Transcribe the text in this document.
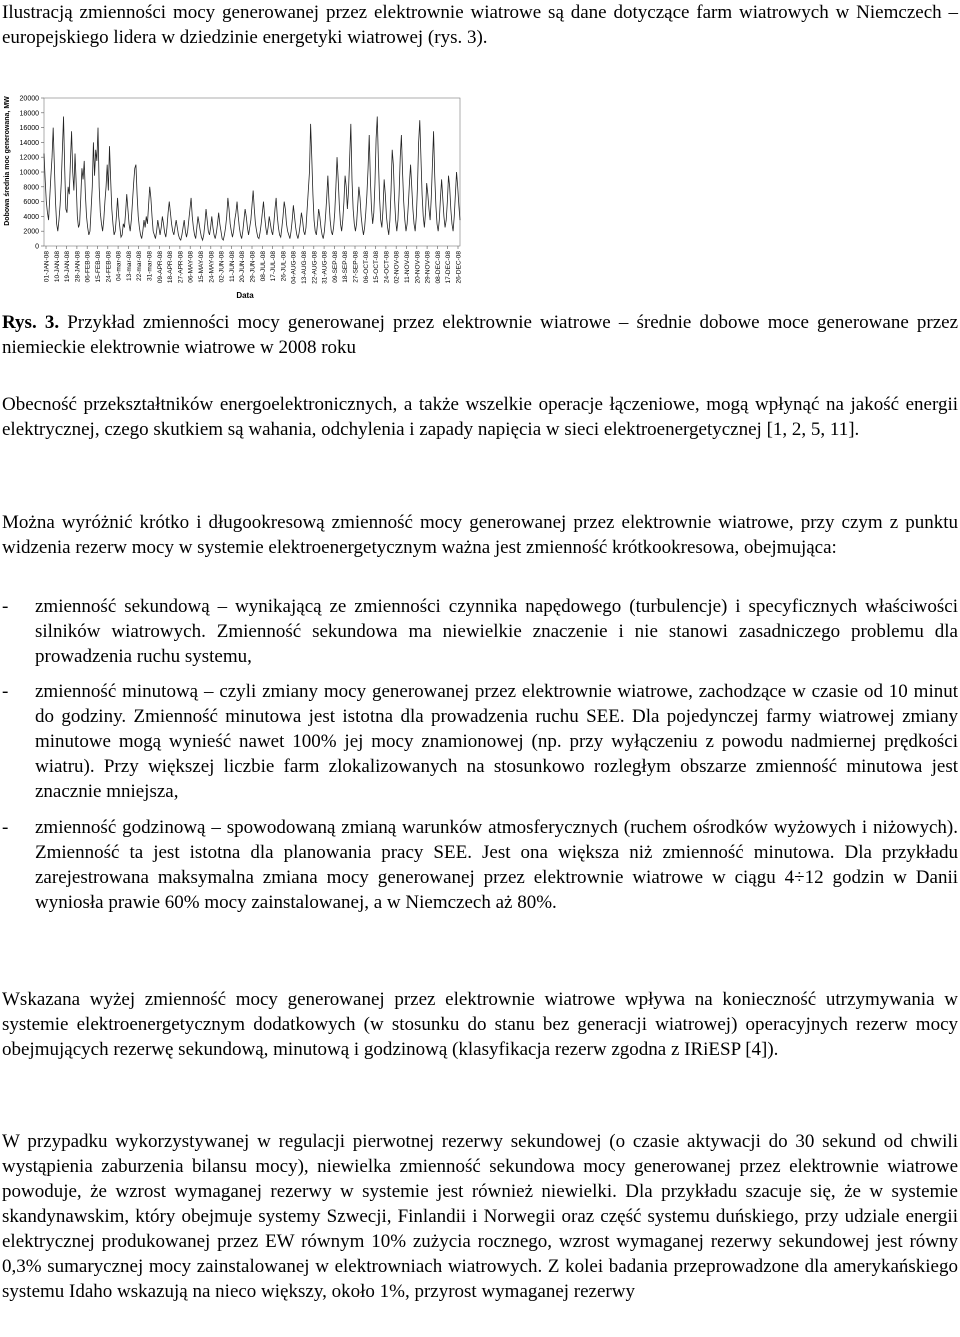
Ilustracją zmienności mocy generowanej przez elektrownie wiatrowe są dane dotyczące farm wiatrowych w Niemczech – europejskiego lidera w dziedzinie energetyki wiatrowej (rys. 3).

0
2000
4000
6000
8000
10000
12000
14000
16000
18000
20000
01-JAN-08 10-JAN-08 19-JAN-08 28-JAN-08 06-FEB-08 15-FEB-08 24-FEB-08 04-mar-08 13-mar-08 22-mar-08 31-mar-08 09-APR-08 18-APR-08 27-APR-08 06-MAY-08 15-MAY-08 24-MAY-08 02-JUN-08 11-JUN-08 20-JUN-08 29-JUN-08 08-JUL-08 17-JUL-08 26-JUL-08 04-AUG-08 13-AUG-08 22-AUG-08 31-AUG-08 09-SEP-08 18-SEP-08 27-SEP-08 06-OCT-08 15-OCT-08 24-OCT-08 02-NOV-08 11-NOV-08 20-NOV-08 29-NOV-08 08-DEC-08 17-DEC-08 26-DEC-08
Dobowa średnia moc generowana, MW
Data
Rys. 3. Przykład zmienności mocy generowanej przez elektrownie wiatrowe – średnie dobowe moce generowane przez niemieckie elektrownie wiatrowe w 2008 roku

Obecność przekształtników energoelektronicznych, a także wszelkie operacje łączeniowe, mogą wpłynąć na jakość energii elektrycznej, czego skutkiem są wahania, odchylenia i zapady napięcia w sieci elektroenergetycznej [1, 2, 5, 11].

Można wyróżnić krótko i długookresową zmienność mocy generowanej przez elektrownie wiatrowe, przy czym z punktu widzenia rezerw mocy w systemie elektroenergetycznym ważna jest zmienność krótkookresowa, obejmująca:

- zmienność sekundową – wynikającą ze zmienności czynnika napędowego (turbulencje) i specyficznych właściwości silników wiatrowych. Zmienność sekundowa ma niewielkie znaczenie i nie stanowi zasadniczego problemu dla prowadzenia ruchu systemu,
- zmienność minutową – czyli zmiany mocy generowanej przez elektrownie wiatrowe, zachodzące w czasie od 10 minut do godziny. Zmienność minutowa jest istotna dla prowadzenia ruchu SEE. Dla pojedynczej farmy wiatrowej zmiany minutowe mogą wynieść nawet 100% jej mocy znamionowej (np. przy wyłączeniu z powodu nadmiernej prędkości wiatru). Przy większej liczbie farm zlokalizowanych na stosunkowo rozległym obszarze zmienność minutowa jest znacznie mniejsza,
- zmienność godzinową – spowodowaną zmianą warunków atmosferycznych (ruchem ośrodków wyżowych i niżowych). Zmienność ta jest istotna dla planowania pracy SEE. Jest ona większa niż zmienność minutowa. Dla przykładu zarejestrowana maksymalna zmiana mocy generowanej przez elektrownie wiatrowe w ciągu 4÷12 godzin w Danii wyniosła prawie 60% mocy zainstalowanej, a w Niemczech aż 80%.

Wskazana wyżej zmienność mocy generowanej przez elektrownie wiatrowe wpływa na konieczność utrzymywania w systemie elektroenergetycznym dodatkowych (w stosunku do stanu bez generacji wiatrowej) operacyjnych rezerw mocy obejmujących rezerwę sekundową, minutową i godzinową (klasyfikacja rezerw zgodna z IRiESP [4]).

W przypadku wykorzystywanej w regulacji pierwotnej rezerwy sekundowej (o czasie aktywacji do 30 sekund od chwili wystąpienia zaburzenia bilansu mocy), niewielka zmienność sekundowa mocy generowanej przez elektrownie wiatrowe powoduje, że wzrost wymaganej rezerwy w systemie jest również niewielki. Dla przykładu szacuje się, że w systemie skandynawskim, który obejmuje systemy Szwecji, Finlandii i Norwegii oraz część systemu duńskiego, przy udziale energii elektrycznej produkowanej przez EW równym 10% zużycia rocznego, wzrost wymaganej rezerwy sekundowej jest równy 0,3% sumarycznej mocy zainstalowanej w elektrowniach wiatrowych. Z kolei badania przeprowadzone dla amerykańskiego systemu Idaho wskazują na nieco większy, około 1%, przyrost wymaganej rezerwy
